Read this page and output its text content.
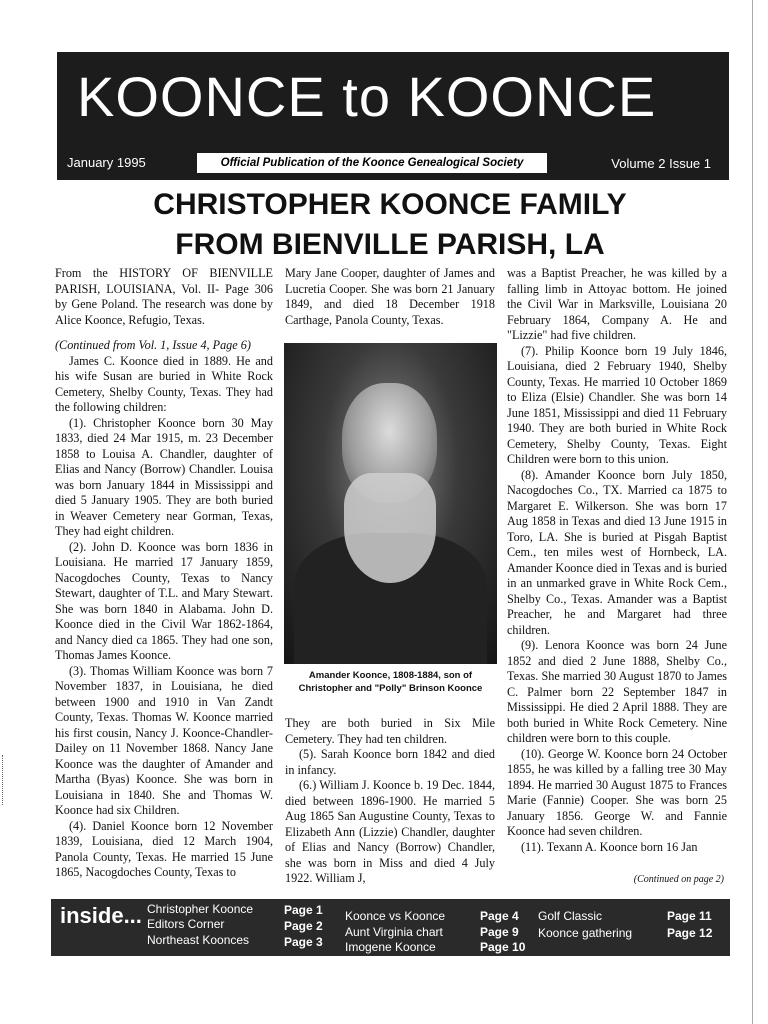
KOONCE to KOONCE
January 1995	Official Publication of the Koonce Genealogical Society	Volume 2 Issue 1
CHRISTOPHER KOONCE FAMILY
FROM BIENVILLE PARISH, LA

From the HISTORY OF BIENVILLE PARISH, LOUISIANA, Vol. II- Page 306 by Gene Poland. The research was done by Alice Koonce, Refugio, Texas.

(Continued from Vol. 1, Issue 4, Page 6)

James C. Koonce died in 1889. He and his wife Susan are buried in White Rock Cemetery, Shelby County, Texas. They had the following children:

(1). Christopher Koonce born 30 May 1833, died 24 Mar 1915, m. 23 December 1858 to Louisa A. Chandler, daughter of Elias and Nancy (Borrow) Chandler. Louisa was born January 1844 in Mississippi and died 5 January 1905. They are both buried in Weaver Cemetery near Gorman, Texas, They had eight children.

(2). John D. Koonce was born 1836 in Louisiana. He married 17 January 1859, Nacogdoches County, Texas to Nancy Stewart, daughter of T.L. and Mary Stewart. She was born 1840 in Alabama. John D. Koonce died in the Civil War 1862-1864, and Nancy died ca 1865. They had one son, Thomas James Koonce.

(3). Thomas William Koonce was born 7 November 1837, in Louisiana, he died between 1900 and 1910 in Van Zandt County, Texas. Thomas W. Koonce married his first cousin, Nancy J. Koonce-Chandler-Dailey on 11 November 1868. Nancy Jane Koonce was the daughter of Amander and Martha (Byas) Koonce. She was born in Louisiana in 1840. She and Thomas W. Koonce had six Children.

(4). Daniel Koonce born 12 November 1839, Louisiana, died 12 March 1904, Panola County, Texas. He married 15 June 1865, Nacogdoches County, Texas to

Mary Jane Cooper, daughter of James and Lucretia Cooper. She was born 21 January 1849, and died 18 December 1918 Carthage, Panola County, Texas.

Amander Koonce, 1808-1884, son of Christopher and "Polly" Brinson Koonce

They are both buried in Six Mile Cemetery. They had ten children.

(5). Sarah Koonce born 1842 and died in infancy.

(6.) William J. Koonce b. 19 Dec. 1844, died between 1896-1900. He married 5 Aug 1865 San Augustine County, Texas to Elizabeth Ann (Lizzie) Chandler, daughter of Elias and Nancy (Borrow) Chandler, she was born in Miss and died 4 July 1922. William J,

was a Baptist Preacher, he was killed by a falling limb in Attoyac bottom. He joined the Civil War in Marksville, Louisiana 20 February 1864, Company A. He and "Lizzie" had five children.

(7). Philip Koonce born 19 July 1846, Louisiana, died 2 February 1940, Shelby County, Texas. He married 10 October 1869 to Eliza (Elsie) Chandler. She was born 14 June 1851, Mississippi and died 11 February 1940. They are both buried in White Rock Cemetery, Shelby County, Texas. Eight Children were born to this union.

(8). Amander Koonce born July 1850, Nacogdoches Co., TX. Married ca 1875 to Margaret E. Wilkerson. She was born 17 Aug 1858 in Texas and died 13 June 1915 in Toro, LA. She is buried at Pisgah Baptist Cem., ten miles west of Hornbeck, LA. Amander Koonce died in Texas and is buried in an unmarked grave in White Rock Cem., Shelby Co., Texas. Amander was a Baptist Preacher, he and Margaret had three children.

(9). Lenora Koonce was born 24 June 1852 and died 2 June 1888, Shelby Co., Texas. She married 30 August 1870 to James C. Palmer born 22 September 1847 in Mississippi. He died 2 April 1888. They are both buried in White Rock Cemetery. Nine children were born to this couple.

(10). George W. Koonce born 24 October 1855, he was killed by a falling tree 30 May 1894. He married 30 August 1875 to Frances Marie (Fannie) Cooper. She was born 25 January 1856. George W. and Fannie Koonce had seven children.

(11). Texann A. Koonce born 16 Jan

(Continued on page 2)
inside... Christopher Koonce	Page 1
Editors Corner	Page 2
Northeast Koonces	Page 3
Koonce vs Koonce	Page 4
Aunt Virginia chart	Page 9
Imogene Koonce	Page 10
Golf Classic	Page 11
Koonce gathering	Page 12
